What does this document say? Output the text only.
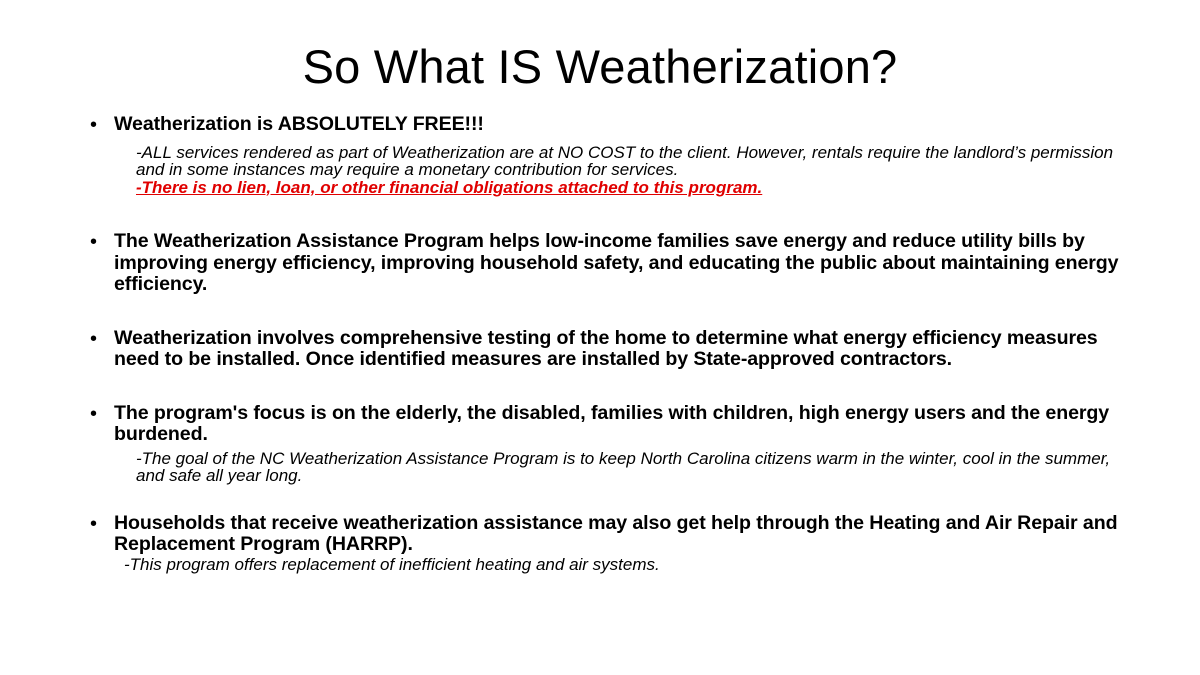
So What IS Weatherization?
• Weatherization is ABSOLUTELY FREE!!!
-ALL services rendered as part of Weatherization are at NO COST to the client. However, rentals require the landlord’s permission and in some instances may require a monetary contribution for services.
-There is no lien, loan, or other financial obligations attached to this program.
• The Weatherization Assistance Program helps low-income families save energy and reduce utility bills by improving energy efficiency, improving household safety, and educating the public about maintaining energy efficiency.
• Weatherization involves comprehensive testing of the home to determine what energy efficiency measures need to be installed. Once identified measures are installed by State-approved contractors.
• The program's focus is on the elderly, the disabled, families with children, high energy users and the energy burdened.
-The goal of the NC Weatherization Assistance Program is to keep North Carolina citizens warm in the winter, cool in the summer, and safe all year long.
• Households that receive weatherization assistance may also get help through the Heating and Air Repair and Replacement Program (HARRP).
-This program offers replacement of inefficient heating and air systems.
